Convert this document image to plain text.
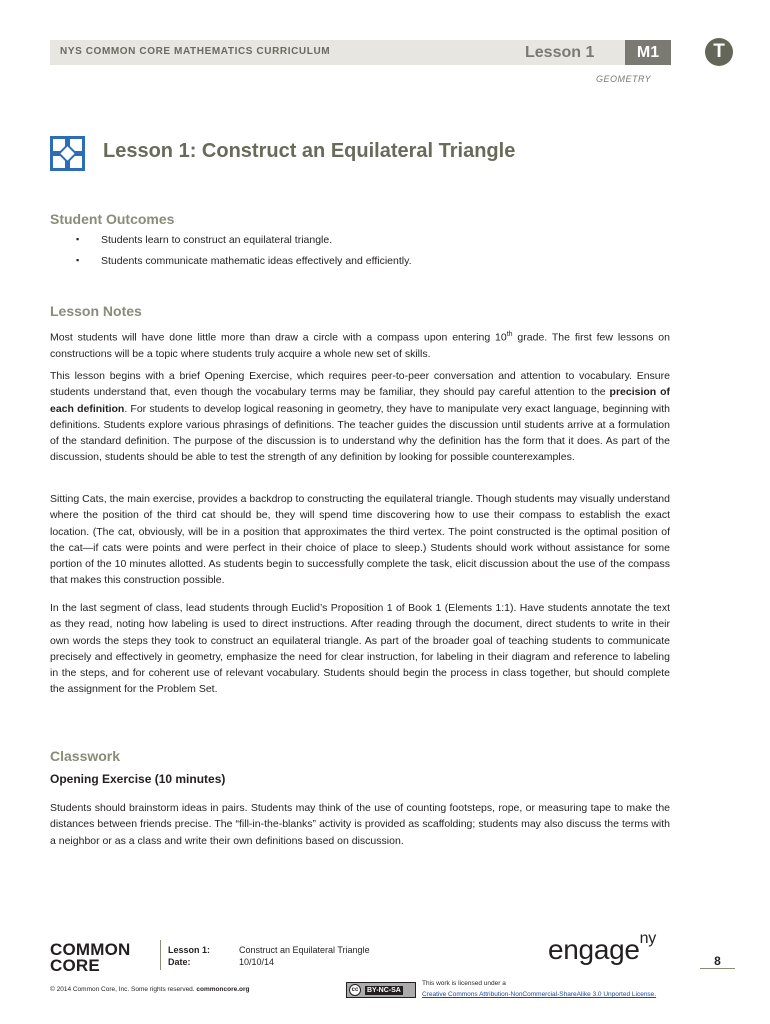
NYS COMMON CORE MATHEMATICS CURRICULUM	Lesson 1	M1
GEOMETRY
T
Lesson 1: Construct an Equilateral Triangle
Student Outcomes
▪ Students learn to construct an equilateral triangle.
▪ Students communicate mathematic ideas effectively and efficiently.
Lesson Notes
Most students will have done little more than draw a circle with a compass upon entering 10th grade. The first few lessons on constructions will be a topic where students truly acquire a whole new set of skills.
This lesson begins with a brief Opening Exercise, which requires peer-to-peer conversation and attention to vocabulary. Ensure students understand that, even though the vocabulary terms may be familiar, they should pay careful attention to the precision of each definition. For students to develop logical reasoning in geometry, they have to manipulate very exact language, beginning with definitions. Students explore various phrasings of definitions. The teacher guides the discussion until students arrive at a formulation of the standard definition. The purpose of the discussion is to understand why the definition has the form that it does. As part of the discussion, students should be able to test the strength of any definition by looking for possible counterexamples.
Sitting Cats, the main exercise, provides a backdrop to constructing the equilateral triangle. Though students may visually understand where the position of the third cat should be, they will spend time discovering how to use their compass to establish the exact location. (The cat, obviously, will be in a position that approximates the third vertex. The point constructed is the optimal position of the cat—if cats were points and were perfect in their choice of place to sleep.) Students should work without assistance for some portion of the 10 minutes allotted. As students begin to successfully complete the task, elicit discussion about the use of the compass that makes this construction possible.
In the last segment of class, lead students through Euclid’s Proposition 1 of Book 1 (Elements 1:1). Have students annotate the text as they read, noting how labeling is used to direct instructions. After reading through the document, direct students to write in their own words the steps they took to construct an equilateral triangle. As part of the broader goal of teaching students to communicate precisely and effectively in geometry, emphasize the need for clear instruction, for labeling in their diagram and reference to labeling in the steps, and for coherent use of relevant vocabulary. Students should begin the process in class together, but should complete the assignment for the Problem Set.
Classwork
Opening Exercise (10 minutes)
Students should brainstorm ideas in pairs. Students may think of the use of counting footsteps, rope, or measuring tape to make the distances between friends precise. The “fill-in-the-blanks” activity is provided as scaffolding; students may also discuss the terms with a neighbor or as a class and write their own definitions based on discussion.
COMMON
CORE
Lesson 1:	Construct an Equilateral Triangle
Date:	10/10/14	engage$^{ny}$
8
© 2014 Common Core, Inc. Some rights reserved. commoncore.org	cc	BY-NC-SA
This work is licensed under a
Creative Commons Attribution-NonCommercial-ShareAlike 3.0 Unported License.
